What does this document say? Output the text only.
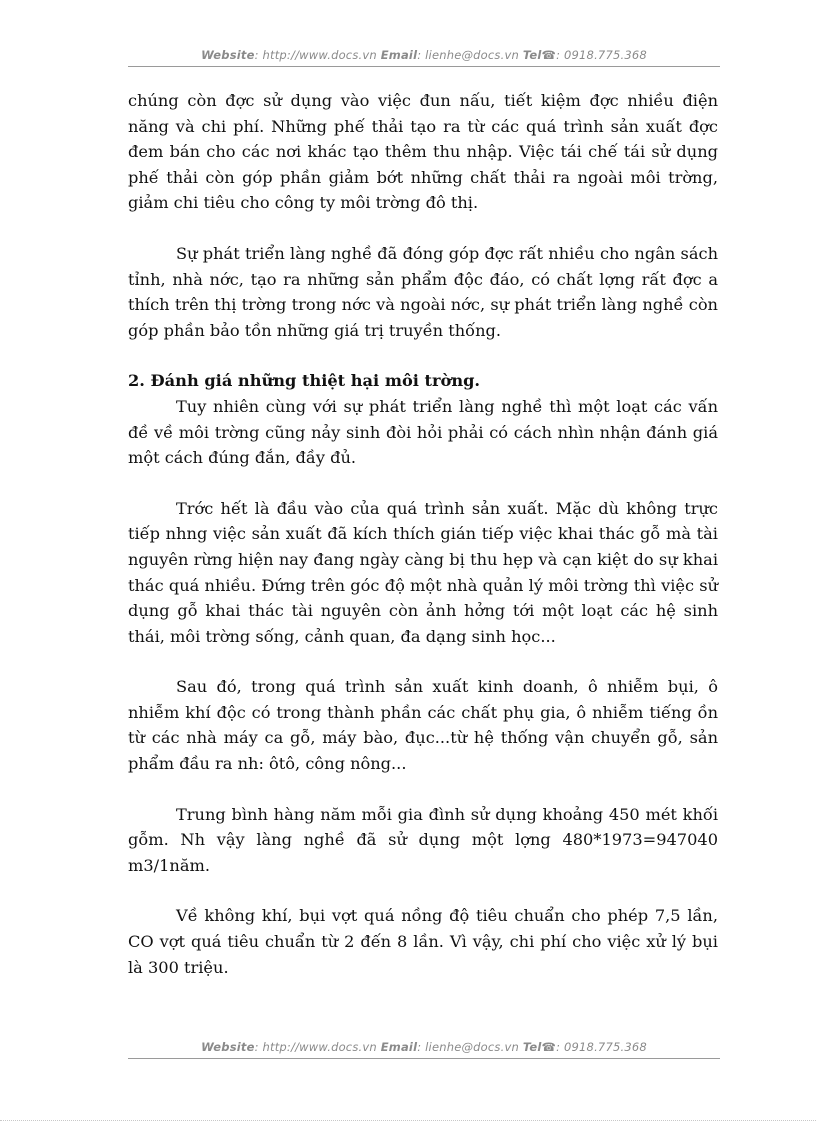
Website: http://www.docs.vn Email: lienhe@docs.vn Tel☎: 0918.775.368

chúng còn đợc sử dụng vào việc đun nấu, tiết kiệm đợc nhiều điện năng và chi phí. Những phế thải tạo ra từ các quá trình sản xuất đợc đem bán cho các nơi khác tạo thêm thu nhập. Việc tái chế tái sử dụng phế thải còn góp phần giảm bớt những chất thải ra ngoài môi trờng, giảm chi tiêu cho công ty môi trờng đô thị.

Sự phát triển làng nghề đã đóng góp đợc rất nhiều cho ngân sách tỉnh, nhà nớc, tạo ra những sản phẩm độc đáo, có chất lợng rất đợc a thích trên thị trờng trong nớc và ngoài nớc, sự phát triển làng nghề còn góp phần bảo tồn những giá trị truyền thống.

2. Đánh giá những thiệt hại môi trờng.

Tuy nhiên cùng với sự phát triển làng nghề thì một loạt các vấn đề về môi trờng cũng nảy sinh đòi hỏi phải có cách nhìn nhận đánh giá một cách đúng đắn, đầy đủ.

Trớc hết là đầu vào của quá trình sản xuất. Mặc dù không trực tiếp nhng việc sản xuất đã kích thích gián tiếp việc khai thác gỗ mà tài nguyên rừng hiện nay đang ngày càng bị thu hẹp và cạn kiệt do sự khai thác quá nhiều. Đứng trên góc độ một nhà quản lý môi trờng thì việc sử dụng gỗ khai thác tài nguyên còn ảnh hởng tới một loạt các hệ sinh thái, môi trờng sống, cảnh quan, đa dạng sinh học...

Sau đó, trong quá trình sản xuất kinh doanh, ô nhiễm bụi, ô nhiễm khí độc có trong thành phần các chất phụ gia, ô nhiễm tiếng ồn từ các nhà máy ca gỗ, máy bào, đục...từ hệ thống vận chuyển gỗ, sản phẩm đầu ra nh: ôtô, công nông...

Trung bình hàng năm mỗi gia đình sử dụng khoảng 450 mét khối gỗm. Nh vậy làng nghề đã sử dụng một lợng 480*1973=947040 m3/1năm.

Về không khí, bụi vợt quá nồng độ tiêu chuẩn cho phép 7,5 lần, CO vợt quá tiêu chuẩn từ 2 đến 8 lần. Vì vậy, chi phí cho việc xử lý bụi là 300 triệu.

Website: http://www.docs.vn Email: lienhe@docs.vn Tel☎: 0918.775.368
